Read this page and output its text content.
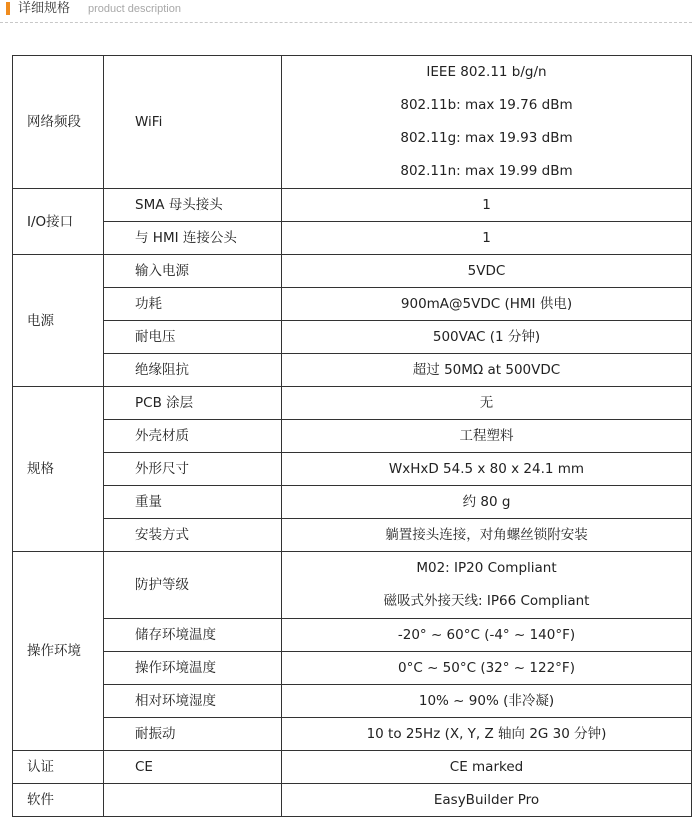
详细规格 product description
网络频段	WiFi	IEEE 802.11 b/g/n
802.11b: max 19.76 dBm
802.11g: max 19.93 dBm
802.11n: max 19.99 dBm

I/O接口	SMA 母头接头	1
	与 HMI 连接公头	1
电源	输入电源	5VDC
	功耗	900mA@5VDC (HMI 供电)
	耐电压	500VAC (1 分钟)
	绝缘阻抗	超过 50MΩ at 500VDC
规格	PCB 涂层	无
	外壳材质	工程塑料
	外形尺寸	WxHxD 54.5 x 80 x 24.1 mm
	重量	约 80 g
	安装方式	躺置接头连接，对角螺丝锁附安装
操作环境	防护等级	M02: IP20 Compliant
磁吸式外接天线: IP66 Compliant

	储存环境温度	-20° ~ 60°C (-4° ~ 140°F)
	操作环境温度	0°C ~ 50°C (32° ~ 122°F)
	相对环境湿度	10% ~ 90% (非冷凝)
	耐振动	10 to 25Hz (X, Y, Z 轴向 2G 30 分钟)
认证	CE	CE marked
软件		EasyBuilder Pro
